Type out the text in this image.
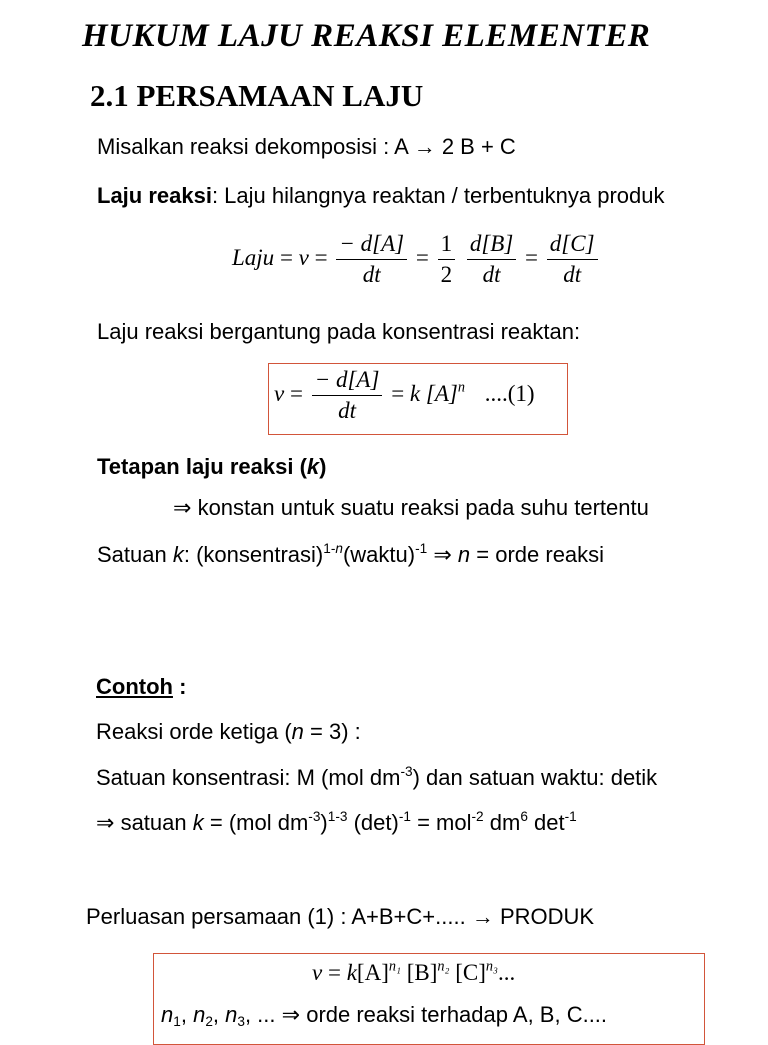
HUKUM LAJU REAKSI ELEMENTER
2.1 PERSAMAAN LAJU
Misalkan reaksi dekomposisi : A → 2 B + C
Laju reaksi: Laju hilangnya reaktan / terbentuknya produk
Laju = $v = \frac{- d[A]}{dt} = \frac{1}{2}$
$\frac{d[B]}{dt} = \frac{d[C]}{dt}$
Laju reaksi bergantung pada konsentrasi reaktan:
$v = \frac{- d[A]}{dt} = k$ $[A]^n$ ....(1)
Tetapan laju reaksi (k)
⇒ konstan untuk suatu reaksi pada suhu tertentu
Satuan k: (konsentrasi)$^{1-n}$(waktu)$^{-1}$ ⇒ n = orde reaksi
Contoh :
Reaksi orde ketiga (n = 3) :
Satuan konsentrasi: M (mol $dm^{-3}$) dan satuan waktu: detik
⇒ satuan k = (mol $dm^{-3})^{1-3}$ $(\det)^{-1} = mol^{-2}$ $dm^6$ $\det^{-1}$
Perluasan persamaan (1) : A+B+C+..... → PRODUK
$v = k[A]^{n_1}$ $[B]^{n_2}$ $[C]^{n_3}$...
$n_1$, $n_2$, $n_3$, ... ⇒ orde reaksi terhadap A, B, C....
